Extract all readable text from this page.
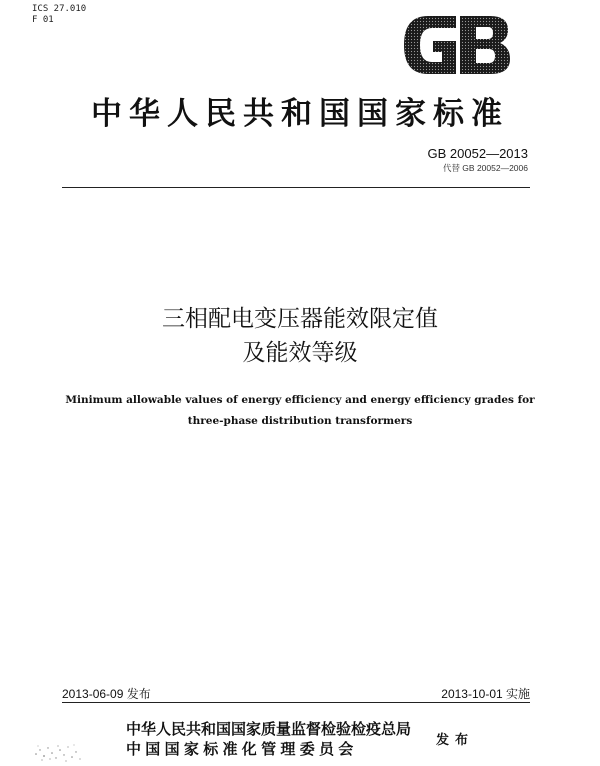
ICS 27.010
F 01
中华人民共和国国家标准
GB 20052—2013
代替 GB 20052—2006
三相配电变压器能效限定值
及能效等级
Minimum allowable values of energy efficiency and energy efficiency grades for
three-phase distribution transformers
2013-06-09 发布	2013-10-01 实施
中华人民共和国国家质量监督检验检疫总局
中国国家标准化管理委员会	发布
